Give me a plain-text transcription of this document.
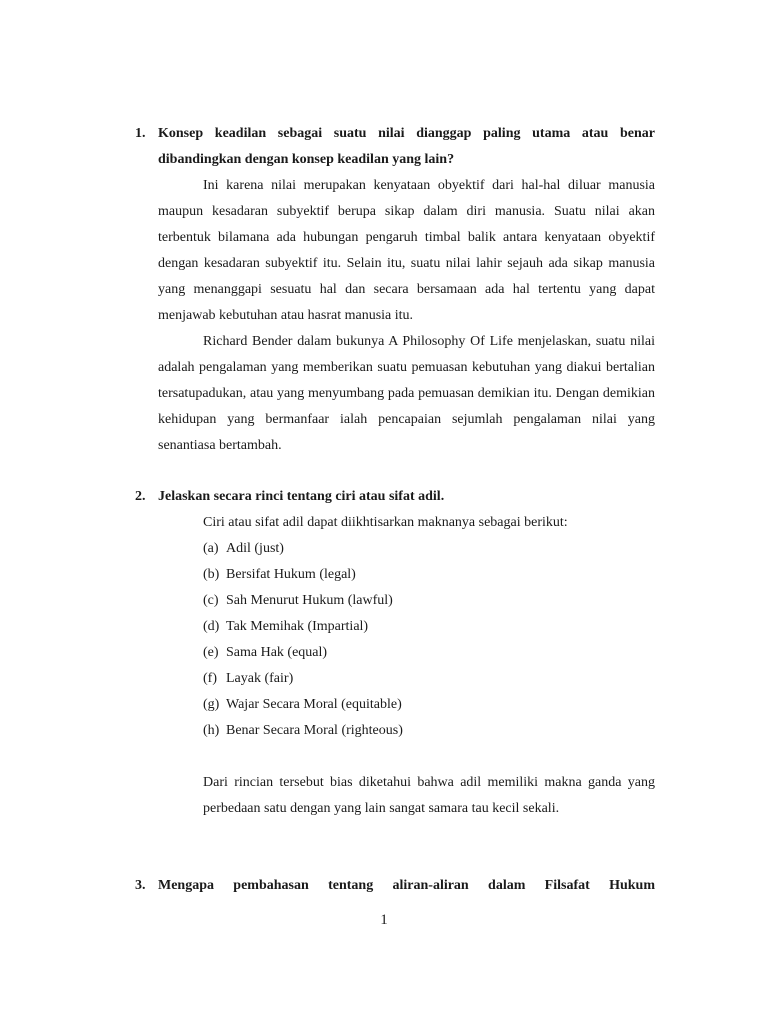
1. Konsep keadilan sebagai suatu nilai dianggap paling utama atau benar
dibandingkan dengan konsep keadilan yang lain?

Ini karena nilai merupakan kenyataan obyektif dari hal-hal diluar manusia maupun kesadaran subyektif berupa sikap dalam diri manusia. Suatu nilai akan terbentuk bilamana ada hubungan pengaruh timbal balik antara kenyataan obyektif dengan kesadaran subyektif itu. Selain itu, suatu nilai lahir sejauh ada sikap manusia yang menanggapi sesuatu hal dan secara bersamaan ada hal tertentu yang dapat menjawab kebutuhan atau hasrat manusia itu.

Richard Bender dalam bukunya A Philosophy Of Life menjelaskan, suatu nilai adalah pengalaman yang memberikan suatu pemuasan kebutuhan yang diakui bertalian tersatupadukan, atau yang menyumbang pada pemuasan demikian itu. Dengan demikian kehidupan yang bermanfaar ialah pencapaian sejumlah pengalaman nilai yang senantiasa bertambah.

2. Jelaskan secara rinci tentang ciri atau sifat adil.
Ciri atau sifat adil dapat diikhtisarkan maknanya sebagai berikut:
(a) Adil (just)
(b) Bersifat Hukum (legal)
(c) Sah Menurut Hukum (lawful)
(d) Tak Memihak (Impartial)
(e) Sama Hak (equal)
(f) Layak (fair)
(g) Wajar Secara Moral (equitable)
(h) Benar Secara Moral (righteous)

Dari rincian tersebut bias diketahui bahwa adil memiliki makna ganda yang perbedaan satu dengan yang lain sangat samara tau kecil sekali.

3. Mengapa pembahasan tentang aliran-aliran dalam Filsafat Hukum
1
